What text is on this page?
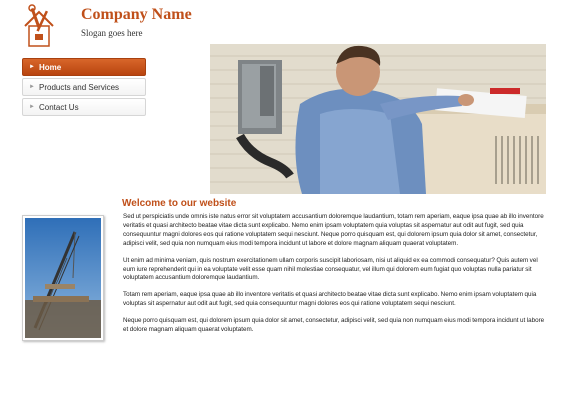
Company Name
Slogan goes here
► Home
► Products and Services
► Contact Us
Welcome to our website

Sed ut perspiciatis unde omnis iste natus error sit voluptatem accusantium doloremque laudantium, totam rem aperiam, eaque ipsa quae ab illo inventore veritatis et quasi architecto beatae vitae dicta sunt explicabo. Nemo enim ipsam voluptatem quia voluptas sit aspernatur aut odit aut fugit, sed quia consequuntur magni dolores eos qui ratione voluptatem sequi nesciunt. Neque porro quisquam est, qui dolorem ipsum quia dolor sit amet, consectetur, adipisci velit, sed quia non numquam eius modi tempora incidunt ut labore et dolore magnam aliquam quaerat voluptatem.

Ut enim ad minima veniam, quis nostrum exercitationem ullam corporis suscipit laboriosam, nisi ut aliquid ex ea commodi consequatur? Quis autem vel eum iure reprehenderit qui in ea voluptate velit esse quam nihil molestiae consequatur, vel illum qui dolorem eum fugiat quo voluptas nulla pariatur sit voluptatem accusantium doloremque laudantium.

Totam rem aperiam, eaque ipsa quae ab illo inventore veritatis et quasi architecto beatae vitae dicta sunt explicabo. Nemo enim ipsam voluptatem quia voluptas sit aspernatur aut odit aut fugit, sed quia consequuntur magni dolores eos qui ratione voluptatem sequi nesciunt.

Neque porro quisquam est, qui dolorem ipsum quia dolor sit amet, consectetur, adipisci velit, sed quia non numquam eius modi tempora incidunt ut labore et dolore magnam aliquam quaerat voluptatem.
